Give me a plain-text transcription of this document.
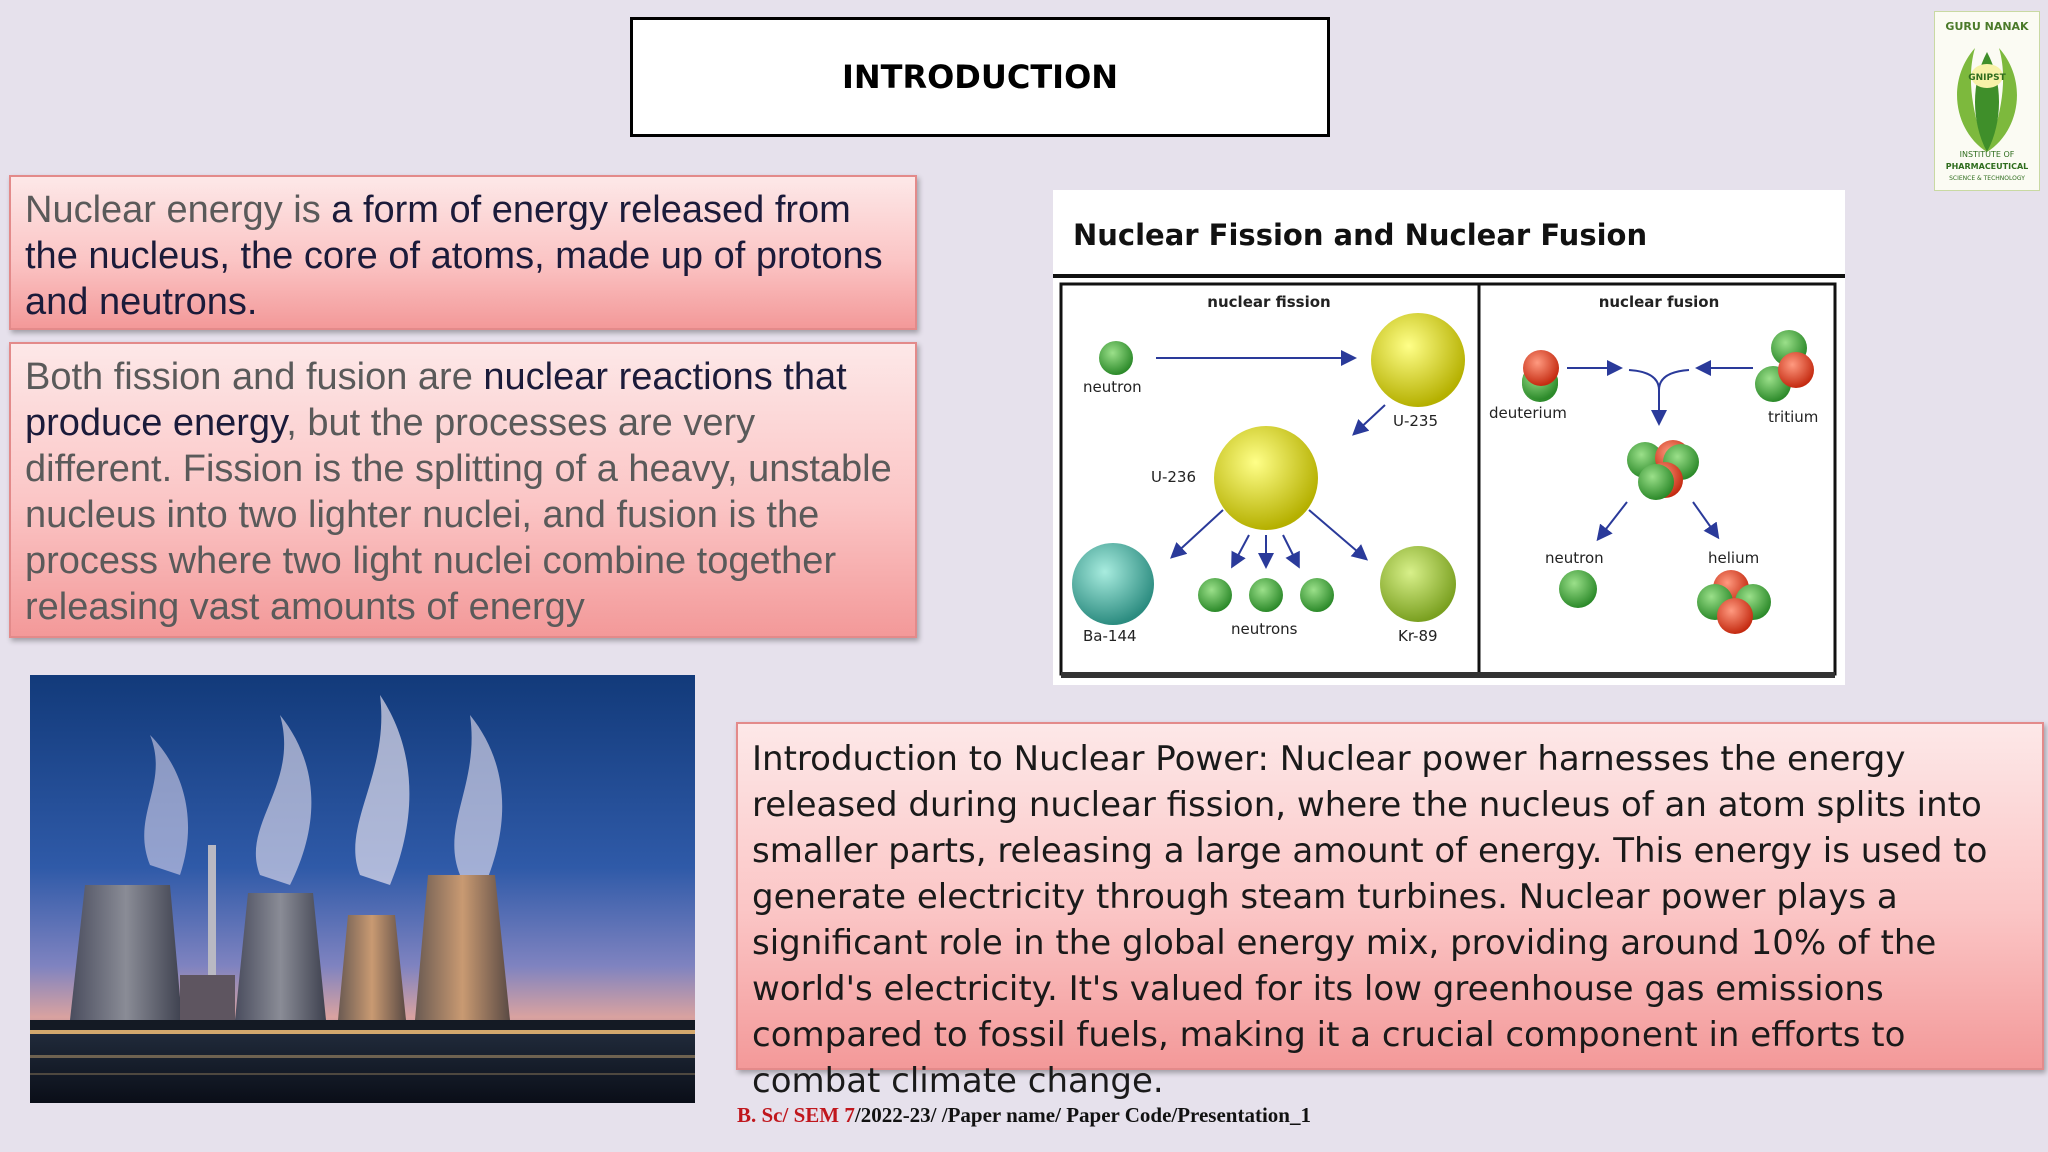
INTRODUCTION
GURU NANAK
GNIPST
INSTITUTE OF
PHARMACEUTICAL
SCIENCE & TECHNOLOGY
Nuclear energy is a form of energy released from the nucleus, the core of atoms, made up of protons and neutrons.
Both fission and fusion are nuclear reactions that produce energy, but the processes are very different. Fission is the splitting of a heavy, unstable nucleus into two lighter nuclei, and fusion is the process where two light nuclei combine together releasing vast amounts of energy
Nuclear Fission and Nuclear Fusion
nuclear fission	nuclear fusion
neutron
U-235
U-236
Ba-144	neutrons	Kr-89
deuterium	tritium
neutron	helium
Introduction to Nuclear Power: Nuclear power harnesses the energy released during nuclear fission, where the nucleus of an atom splits into smaller parts, releasing a large amount of energy. This energy is used to generate electricity through steam turbines. Nuclear power plays a significant role in the global energy mix, providing around 10% of the world's electricity. It's valued for its low greenhouse gas emissions compared to fossil fuels, making it a crucial component in efforts to combat climate change.
B. Sc/ SEM 7/2022-23/ /Paper name/ Paper Code/Presentation_1
